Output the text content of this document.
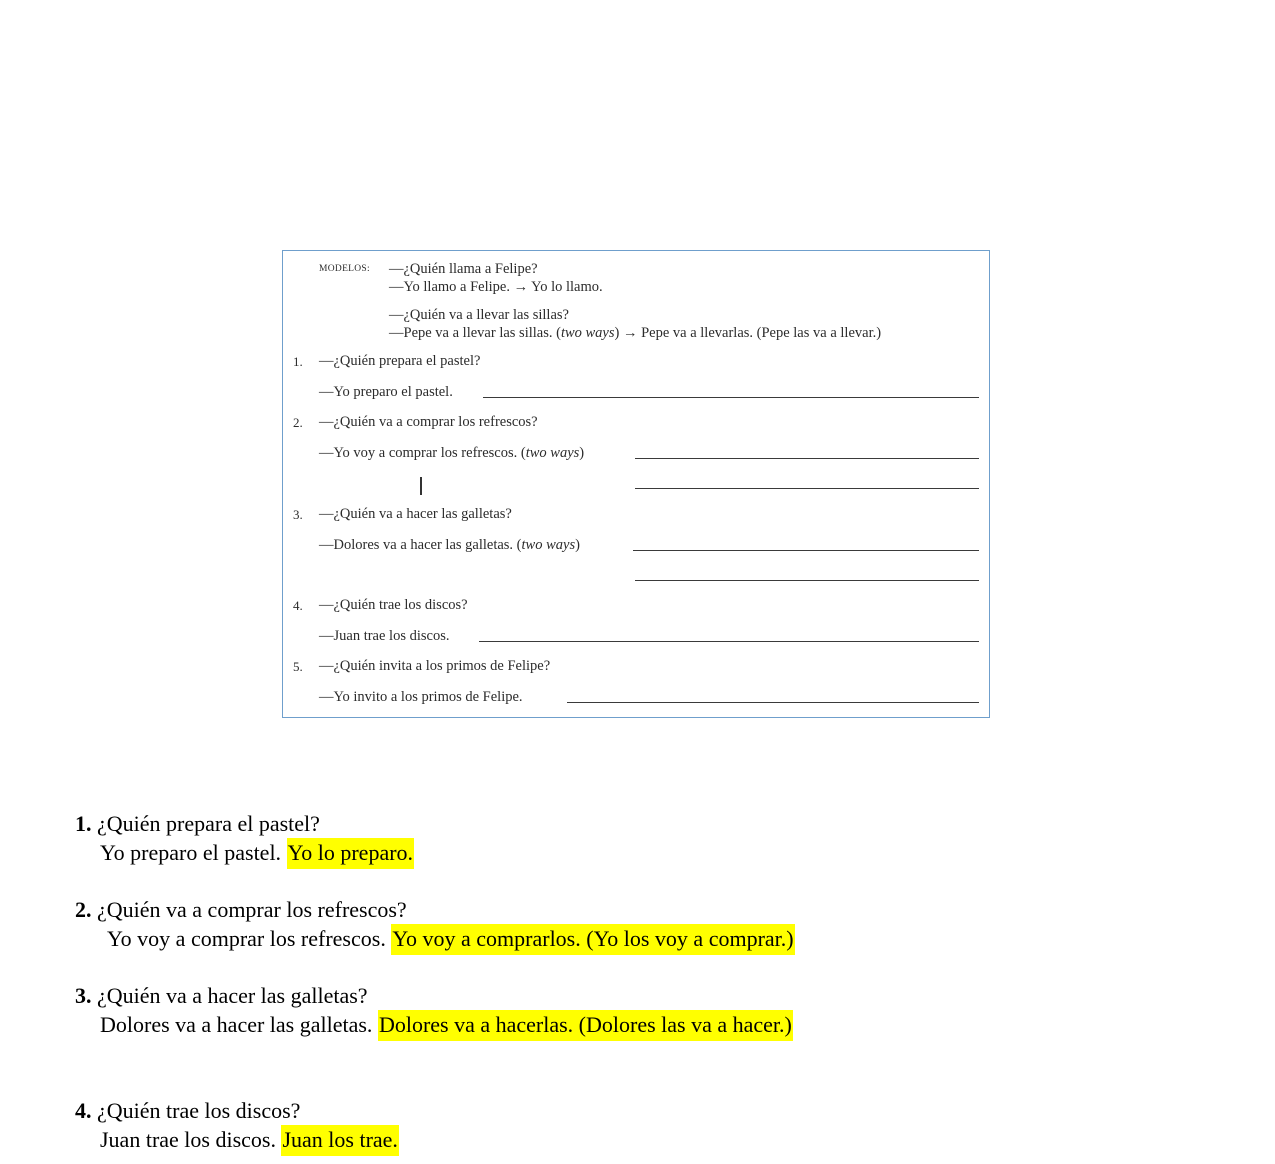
MODELOS: —¿Quién llama a Felipe?
—Yo llamo a Felipe. → Yo lo llamo.
—¿Quién va a llevar las sillas?
—Pepe va a llevar las sillas. (two ways) → Pepe va a llevarlas. (Pepe las va a llevar.)
1. —¿Quién prepara el pastel?
—Yo preparo el pastel.
2. —¿Quién va a comprar los refrescos?
—Yo voy a comprar los refrescos. (two ways)
3. —¿Quién va a hacer las galletas?
—Dolores va a hacer las galletas. (two ways)
4. —¿Quién trae los discos?
—Juan trae los discos.
5. —¿Quién invita a los primos de Felipe?
—Yo invito a los primos de Felipe.
1. ¿Quién prepara el pastel?
Yo preparo el pastel. Yo lo preparo.
2. ¿Quién va a comprar los refrescos?
Yo voy a comprar los refrescos. Yo voy a comprarlos. (Yo los voy a comprar.)
3. ¿Quién va a hacer las galletas?
Dolores va a hacer las galletas. Dolores va a hacerlas. (Dolores las va a hacer.)
4. ¿Quién trae los discos?
Juan trae los discos. Juan los trae.
